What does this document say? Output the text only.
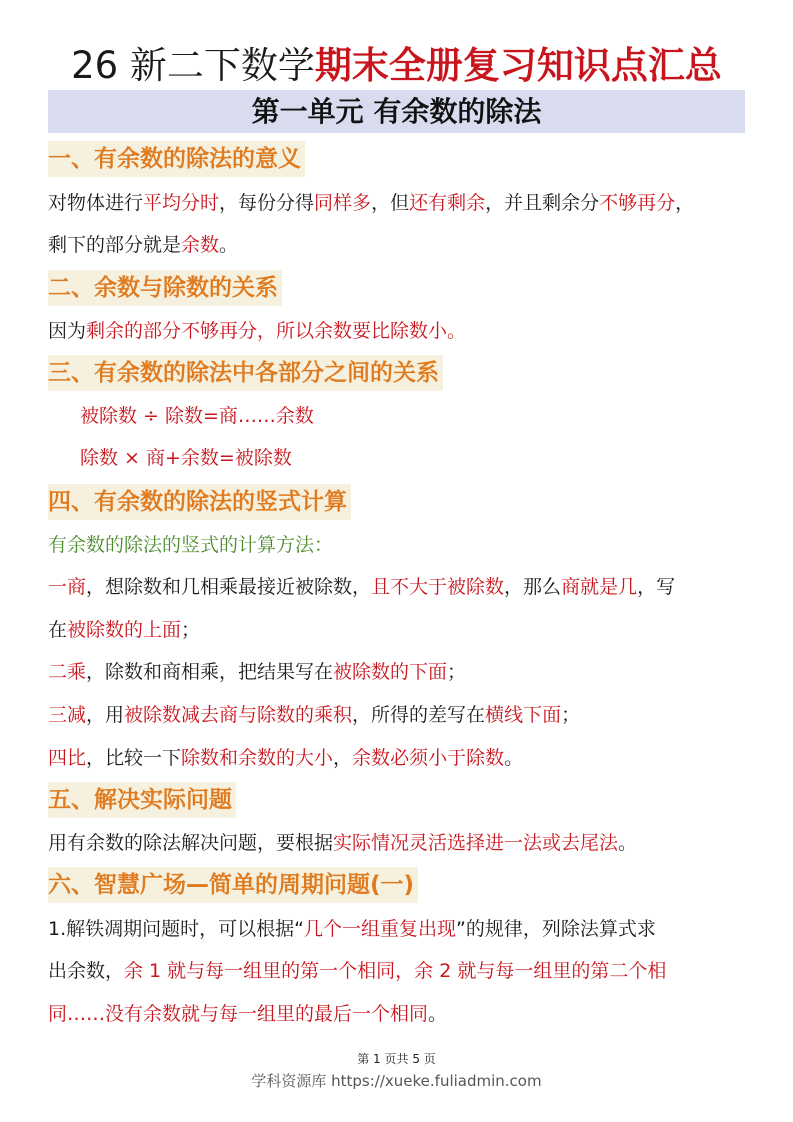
26 新二下数学期末全册复习知识点汇总
第一单元 有余数的除法
一、有余数的除法的意义
对物体进行平均分时，每份分得同样多，但还有剩余，并且剩余分不够再分，
剩下的部分就是余数。
二、余数与除数的关系
因为剩余的部分不够再分，所以余数要比除数小。
三、有余数的除法中各部分之间的关系
被除数 ÷ 除数=商……余数
除数 × 商+余数=被除数
四、有余数的除法的竖式计算
有余数的除法的竖式的计算方法：
一商，想除数和几相乘最接近被除数，且不大于被除数，那么商就是几，写
在被除数的上面；
二乘，除数和商相乘，把结果写在被除数的下面；
三减，用被除数减去商与除数的乘积，所得的差写在横线下面；
四比，比较一下除数和余数的大小，余数必须小于除数。
五、解决实际问题
用有余数的除法解决问题，要根据实际情况灵活选择进一法或去尾法。
六、智慧广场—简单的周期问题(一)
1.解铁凋期问题时，可以根据“几个一组重复出现”的规律，列除法算式求
出余数，余 1 就与每一组里的第一个相同，余 2 就与每一组里的第二个相
同……没有余数就与每一组里的最后一个相同。
第 1 页共 5 页
学科资源库 https://xueke.fuliadmin.com
